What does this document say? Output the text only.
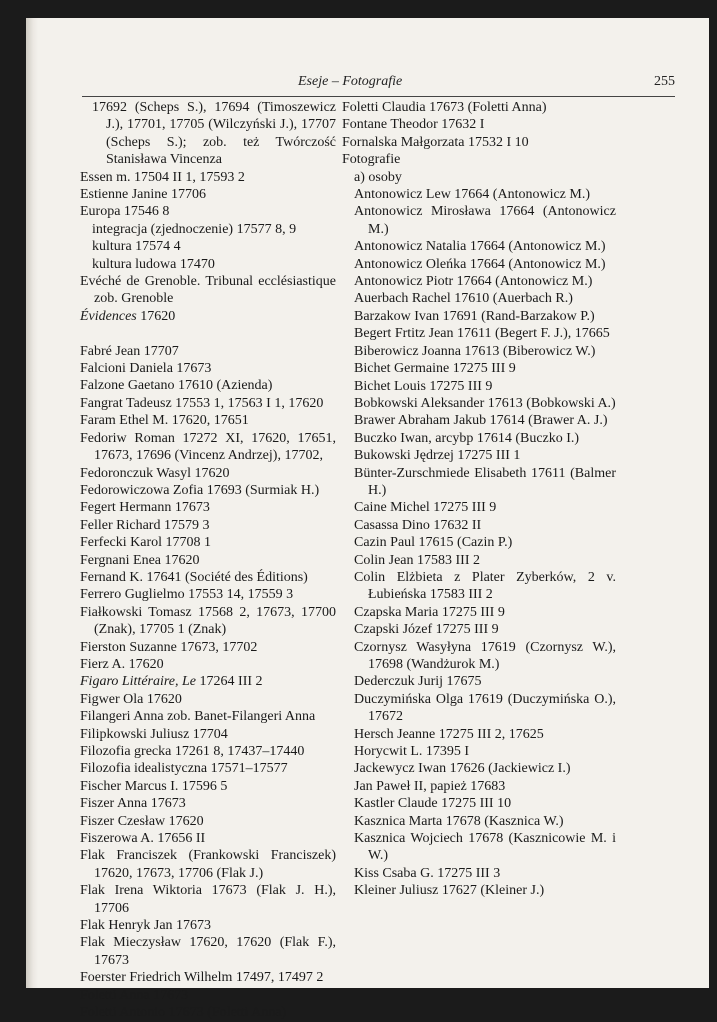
Eseje – Fotografie	255

17692 (Scheps S.), 17694 (Timoszewicz J.), 17701, 17705 (Wilczyński J.), 17707 (Scheps S.); zob. też Twórczość Stanisława Vincenza

Essen m. 17504 II 1, 17593 2

Estienne Janine 17706

Europa 17546 8

integracja (zjednoczenie) 17577 8, 9

kultura 17574 4

kultura ludowa 17470

Evéché de Grenoble. Tribunal ecclésiastique zob. Grenoble

Évidences 17620

Fabré Jean 17707

Falcioni Daniela 17673

Falzone Gaetano 17610 (Azienda)

Fangrat Tadeusz 17553 1, 17563 I 1, 17620

Faram Ethel M. 17620, 17651

Fedoriw Roman 17272 XI, 17620, 17651, 17673, 17696 (Vincenz Andrzej), 17702,

Fedoronczuk Wasyl 17620

Fedorowiczowa Zofia 17693 (Surmiak H.)

Fegert Hermann 17673

Feller Richard 17579 3

Ferfecki Karol 17708 1

Fergnani Enea 17620

Fernand K. 17641 (Société des Éditions)

Ferrero Guglielmo 17553 14, 17559 3

Fiałkowski Tomasz 17568 2, 17673, 17700 (Znak), 17705 1 (Znak)

Fierston Suzanne 17673, 17702

Fierz A. 17620

Figaro Littéraire, Le 17264 III 2

Figwer Ola 17620

Filangeri Anna zob. Banet-Filangeri Anna

Filipkowski Juliusz 17704

Filozofia grecka 17261 8, 17437–17440

Filozofia idealistyczna 17571–17577

Fischer Marcus I. 17596 5

Fiszer Anna 17673

Fiszer Czesław 17620

Fiszerowa A. 17656 II

Flak Franciszek (Frankowski Franciszek) 17620, 17673, 17706 (Flak J.)

Flak Irena Wiktoria 17673 (Flak J. H.), 17706

Flak Henryk Jan 17673

Flak Mieczysław 17620, 17620 (Flak F.), 17673

Foerster Friedrich Wilhelm 17497, 17497 2

Foletti Anna 17673

Foletti Antonio 17673 (Foletti Anna)

Foletti Claudia 17673 (Foletti Anna)

Fontane Theodor 17632 I

Fornalska Małgorzata 17532 I 10

Fotografie

a) osoby

Antonowicz Lew 17664 (Antonowicz M.)

Antonowicz Mirosława 17664 (Antonowicz M.)

Antonowicz Natalia 17664 (Antonowicz M.)

Antonowicz Oleńka 17664 (Antonowicz M.)

Antonowicz Piotr 17664 (Antonowicz M.)

Auerbach Rachel 17610 (Auerbach R.)

Barzakow Ivan 17691 (Rand-Barzakow P.)

Begert Frtitz Jean 17611 (Begert F. J.), 17665

Biberowicz Joanna 17613 (Biberowicz W.)

Bichet Germaine 17275 III 9

Bichet Louis 17275 III 9

Bobkowski Aleksander 17613 (Bobkowski A.)

Brawer Abraham Jakub 17614 (Brawer A. J.)

Buczko Iwan, arcybp 17614 (Buczko I.)

Bukowski Jędrzej 17275 III 1

Bünter-Zurschmiede Elisabeth 17611 (Balmer H.)

Caine Michel 17275 III 9

Casassa Dino 17632 II

Cazin Paul 17615 (Cazin P.)

Colin Jean 17583 III 2

Colin Elżbieta z Plater Zyberków, 2 v. Łubieńska 17583 III 2

Czapska Maria 17275 III 9

Czapski Józef 17275 III 9

Czornysz Wasyłyna 17619 (Czornysz W.), 17698 (Wandżurok M.)

Dederczuk Jurij 17675

Duczymińska Olga 17619 (Duczymińska O.), 17672

Hersch Jeanne 17275 III 2, 17625

Horycwit L. 17395 I

Jackewycz Iwan 17626 (Jackiewicz I.)

Jan Paweł II, papież 17683

Kastler Claude 17275 III 10

Kasznica Marta 17678 (Kasznica W.)

Kasznica Wojciech 17678 (Kasznicowie M. i W.)

Kiss Csaba G. 17275 III 3

Kleiner Juliusz 17627 (Kleiner J.)
